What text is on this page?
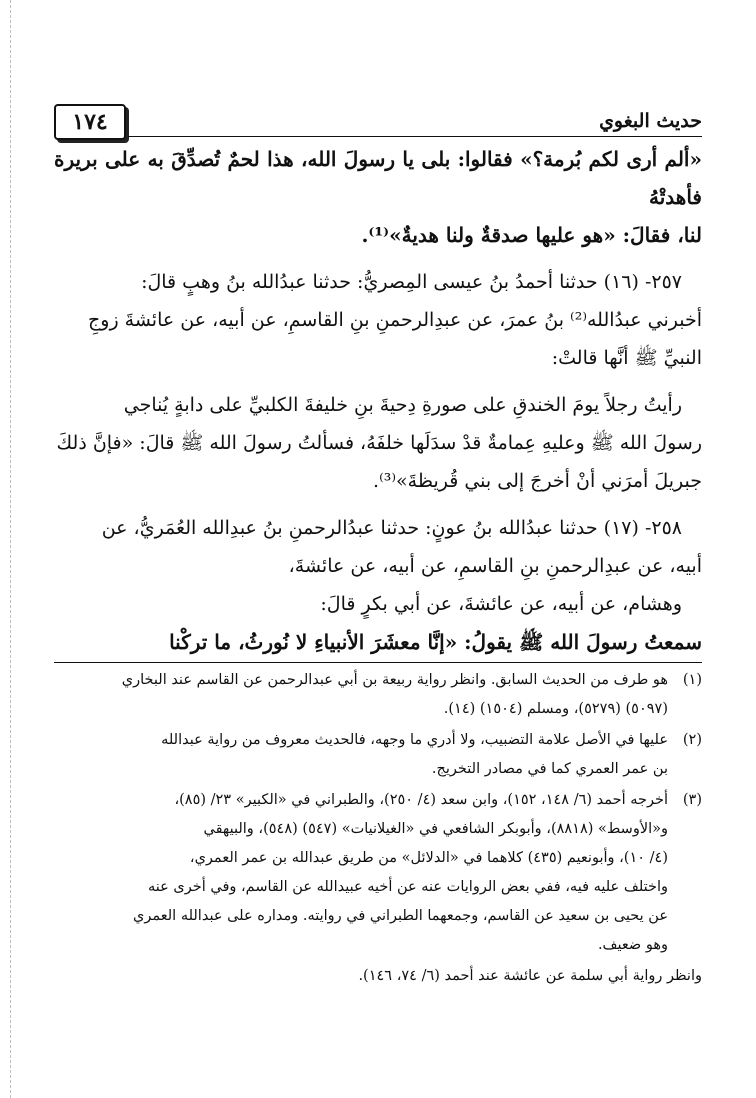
١٧٤	حديث البغوي

«ألم أرى لكم بُرمة؟» فقالوا: بلى يا رسولَ الله، هذا لحمٌ تُصدِّقَ به على بريرة فأهدتْهُ

لنا، فقالَ: «هو عليها صدقةٌ ولنا هديةٌ»⁽¹⁾.

٢٥٧- (١٦) حدثنا أحمدُ بنُ عيسى المِصريُّ: حدثنا عبدُالله بنُ وهبٍ قالَ:

أخبرني عبدُالله⁽²⁾ بنُ عمرَ، عن عبدِالرحمنِ بنِ القاسمِ، عن أبيه، عن عائشةَ زوجِ

النبيِّ ﷺ أنَّها قالتْ:

رأيتُ رجلاً يومَ الخندقِ على صورةِ دِحيةَ بنِ خليفةَ الكلبيِّ على دابةٍ يُناجي

رسولَ الله ﷺ وعليهِ عِمامةٌ قدْ سدَلَها خلفَهُ، فسألتُ رسولَ الله ﷺ قالَ: «فإنَّ ذلكَ

جبريلَ أمرَني أنْ أخرجَ إلى بني قُريظةَ»⁽³⁾.

٢٥٨- (١٧) حدثنا عبدُالله بنُ عونٍ: حدثنا عبدُالرحمنِ بنُ عبدِالله العُمَريُّ، عن

أبيه، عن عبدِالرحمنِ بنِ القاسمِ، عن أبيه، عن عائشةَ،

وهشام، عن أبيه، عن عائشةَ، عن أبي بكرٍ قالَ:

سمعتُ رسولَ الله ﷺ يقولُ: «إنَّا معشَرَ الأنبياءِ لا نُورثُ، ما تركْنا

(١)
هو طرف من الحديث السابق. وانظر رواية ربيعة بن أبي عبدالرحمن عن القاسم عند البخاري
(٥٠٩٧) (٥٢٧٩)، ومسلم (١٥٠٤) (١٤).
(٢)
عليها في الأصل علامة التضبيب، ولا أدري ما وجهه، فالحديث معروف من رواية عبدالله
بن عمر العمري كما في مصادر التخريج.
(٣)
أخرجه أحمد (٦/ ١٤٨، ١٥٢)، وابن سعد (٤/ ٢٥٠)، والطبراني في «الكبير» ٢٣/ (٨٥)،
و«الأوسط» (٨٨١٨)، وأبوبكر الشافعي في «الغيلانيات» (٥٤٧) (٥٤٨)، والبيهقي
(٤/ ١٠)، وأبونعيم (٤٣٥) كلاهما في «الدلائل» من طريق عبدالله بن عمر العمري،
واختلف عليه فيه، ففي بعض الروايات عنه عن أخيه عبيدالله عن القاسم، وفي أخرى عنه
عن يحيى بن سعيد عن القاسم، وجمعهما الطبراني في روايته. ومداره على عبدالله العمري
وهو ضعيف.
وانظر رواية أبي سلمة عن عائشة عند أحمد (٦/ ٧٤، ١٤٦).
